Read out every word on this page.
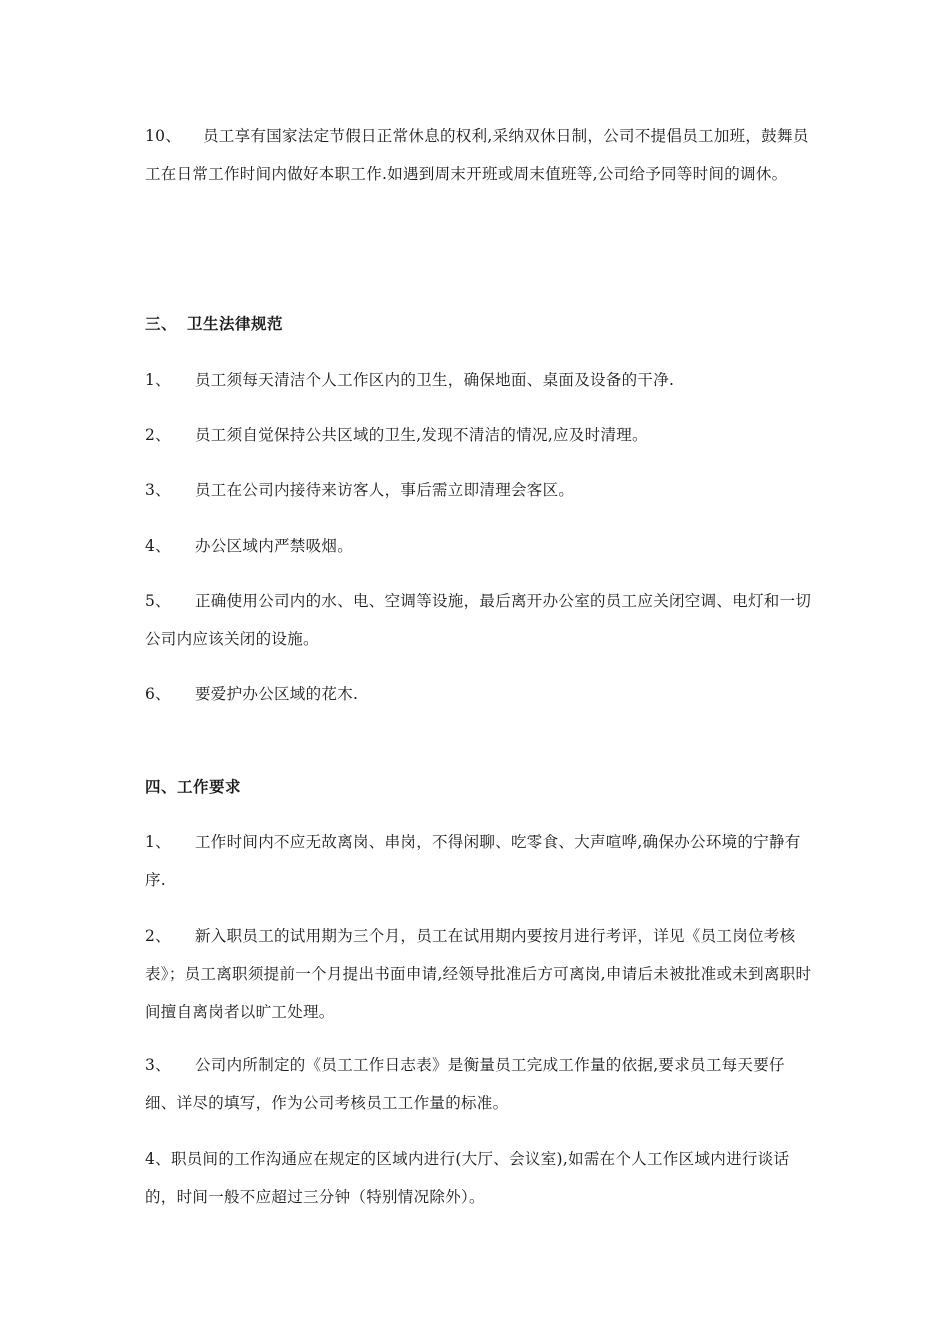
10、 员工享有国家法定节假日正常休息的权利,采纳双休日制，公司不提倡员工加班，鼓舞员工在日常工作时间内做好本职工作.如遇到周末开班或周末值班等,公司给予同等时间的调休。
三、 卫生法律规范
1、 员工须每天清洁个人工作区内的卫生，确保地面、桌面及设备的干净.
2、 员工须自觉保持公共区域的卫生,发现不清洁的情况,应及时清理。
3、 员工在公司内接待来访客人，事后需立即清理会客区。
4、 办公区域内严禁吸烟。
5、 正确使用公司内的水、电、空调等设施，最后离开办公室的员工应关闭空调、电灯和一切公司内应该关闭的设施。
6、 要爱护办公区域的花木.
四、工作要求
1、 工作时间内不应无故离岗、串岗，不得闲聊、吃零食、大声喧哗,确保办公环境的宁静有序.
2、 新入职员工的试用期为三个月，员工在试用期内要按月进行考评，详见《员工岗位考核表》；员工离职须提前一个月提出书面申请,经领导批准后方可离岗,申请后未被批准或未到离职时间擅自离岗者以旷工处理。
3、 公司内所制定的《员工工作日志表》是衡量员工完成工作量的依据,要求员工每天要仔细、详尽的填写，作为公司考核员工工作量的标准。
4、职员间的工作沟通应在规定的区域内进行(大厅、会议室),如需在个人工作区域内进行谈话的，时间一般不应超过三分钟（特别情况除外）。
